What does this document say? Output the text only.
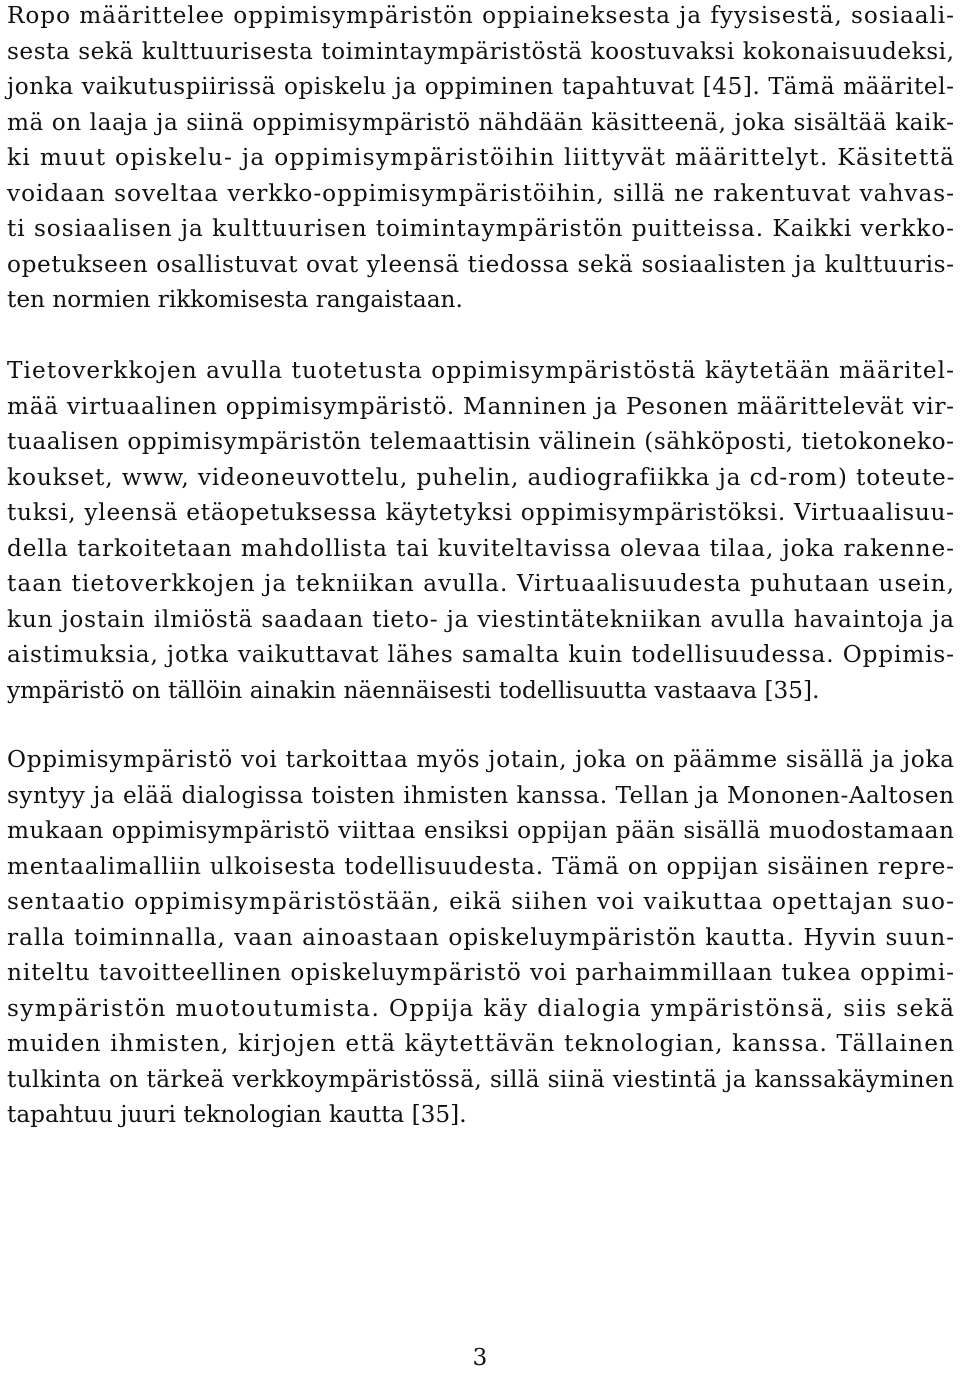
Ropo määrittelee oppimisympäristön oppiaineksesta ja fyysisestä, sosiaali-
sesta sekä kulttuurisesta toimintaympäristöstä koostuvaksi kokonaisuudeksi,
jonka vaikutuspiirissä opiskelu ja oppiminen tapahtuvat [45]. Tämä määritel-
mä on laaja ja siinä oppimisympäristö nähdään käsitteenä, joka sisältää kaik-
ki muut opiskelu- ja oppimisympäristöihin liittyvät määrittelyt. Käsitettä
voidaan soveltaa verkko-oppimisympäristöihin, sillä ne rakentuvat vahvas-
ti sosiaalisen ja kulttuurisen toimintaympäristön puitteissa. Kaikki verkko-
opetukseen osallistuvat ovat yleensä tiedossa sekä sosiaalisten ja kulttuuris-
ten normien rikkomisesta rangaistaan.

Tietoverkkojen avulla tuotetusta oppimisympäristöstä käytetään määritel-
mää virtuaalinen oppimisympäristö. Manninen ja Pesonen määrittelevät vir-
tuaalisen oppimisympäristön telemaattisin välinein (sähköposti, tietokoneko-
koukset, www, videoneuvottelu, puhelin, audiografiikka ja cd-rom) toteute-
tuksi, yleensä etäopetuksessa käytetyksi oppimisympäristöksi. Virtuaalisuu-
della tarkoitetaan mahdollista tai kuviteltavissa olevaa tilaa, joka rakenne-
taan tietoverkkojen ja tekniikan avulla. Virtuaalisuudesta puhutaan usein,
kun jostain ilmiöstä saadaan tieto- ja viestintätekniikan avulla havaintoja ja
aistimuksia, jotka vaikuttavat lähes samalta kuin todellisuudessa. Oppimis-
ympäristö on tällöin ainakin näennäisesti todellisuutta vastaava [35].

Oppimisympäristö voi tarkoittaa myös jotain, joka on päämme sisällä ja joka
syntyy ja elää dialogissa toisten ihmisten kanssa. Tellan ja Mononen-Aaltosen
mukaan oppimisympäristö viittaa ensiksi oppijan pään sisällä muodostamaan
mentaalimalliin ulkoisesta todellisuudesta. Tämä on oppijan sisäinen repre-
sentaatio oppimisympäristöstään, eikä siihen voi vaikuttaa opettajan suo-
ralla toiminnalla, vaan ainoastaan opiskeluympäristön kautta. Hyvin suun-
niteltu tavoitteellinen opiskeluympäristö voi parhaimmillaan tukea oppimi-
sympäristön muotoutumista. Oppija käy dialogia ympäristönsä, siis sekä
muiden ihmisten, kirjojen että käytettävän teknologian, kanssa. Tällainen
tulkinta on tärkeä verkkoympäristössä, sillä siinä viestintä ja kanssakäyminen
tapahtuu juuri teknologian kautta [35].

3
